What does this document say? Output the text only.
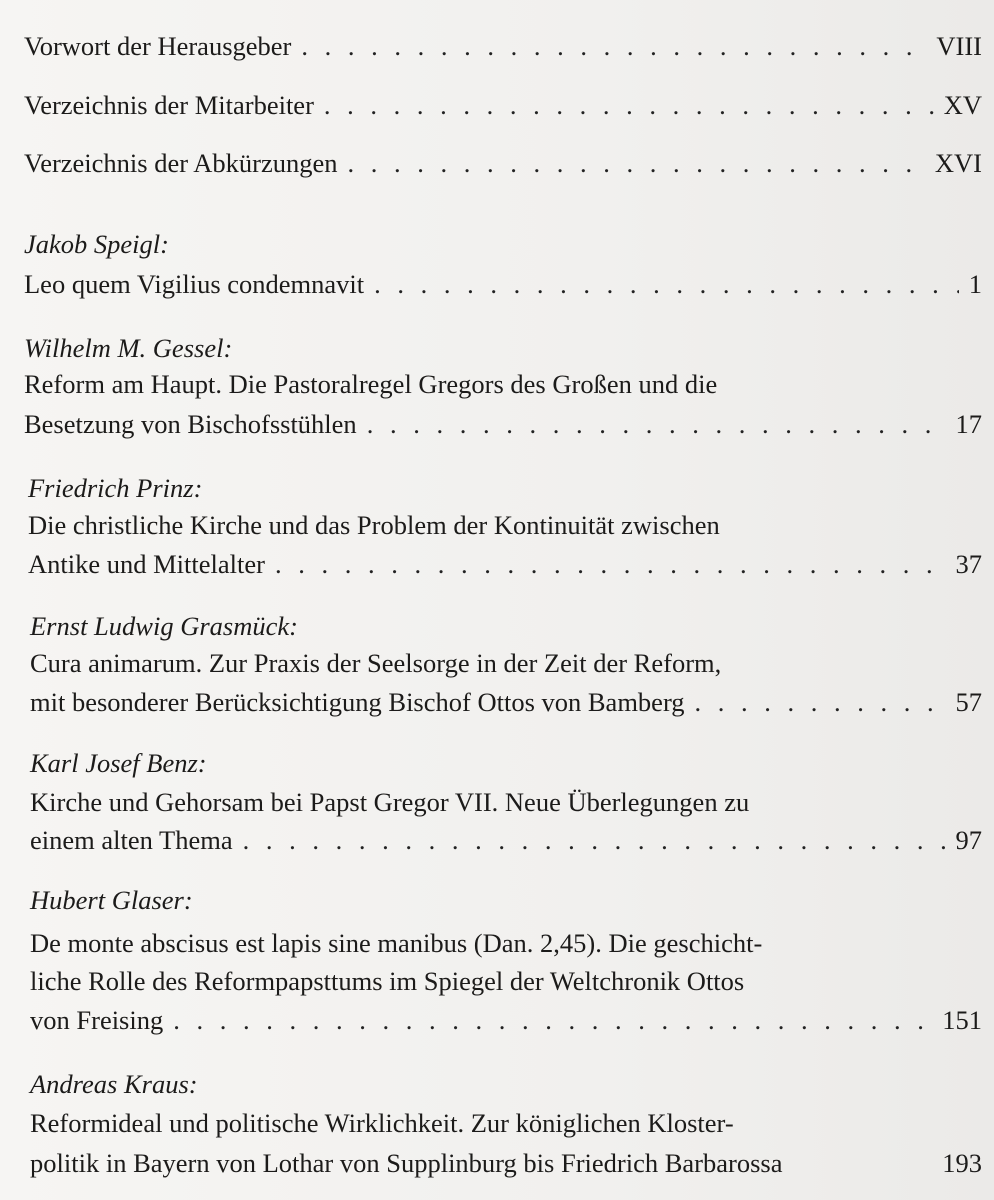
Vorwort der Herausgeber . . .	VIII
Verzeichnis der Mitarbeiter . . .	XV
Verzeichnis der Abkürzungen . . .	XVI
Jakob Speigl:
Leo quem Vigilius condemnavit . . .	1
Wilhelm M. Gessel:
Reform am Haupt. Die Pastoralregel Gregors des Großen und die
Besetzung von Bischofsstühlen . . .	17
Friedrich Prinz:
Die christliche Kirche und das Problem der Kontinuität zwischen
Antike und Mittelalter . . .	37
Ernst Ludwig Grasmück:
Cura animarum. Zur Praxis der Seelsorge in der Zeit der Reform,
mit besonderer Berücksichtigung Bischof Ottos von Bamberg . . .	57
Karl Josef Benz:
Kirche und Gehorsam bei Papst Gregor VII. Neue Überlegungen zu
einem alten Thema . . .	97
Hubert Glaser:
De monte abscisus est lapis sine manibus (Dan. 2,45). Die geschicht-
liche Rolle des Reformpapsttums im Spiegel der Weltchronik Ottos
von Freising . . .	151
Andreas Kraus:
Reformideal und politische Wirklichkeit. Zur königlichen Kloster-
politik in Bayern von Lothar von Supplinburg bis Friedrich Barbarossa	193
